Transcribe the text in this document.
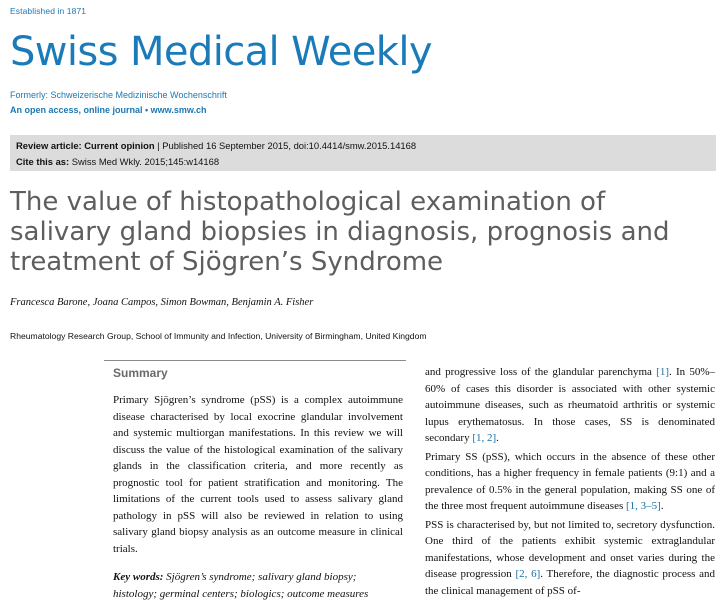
Established in 1871
Swiss Medical Weekly
Formerly: Schweizerische Medizinische Wochenschrift
An open access, online journal • www.smw.ch
Review article: Current opinion | Published 16 September 2015, doi:10.4414/smw.2015.14168
Cite this as: Swiss Med Wkly. 2015;145:w14168
The value of histopathological examination of salivary gland biopsies in diagnosis, prognosis and treatment of Sjögren’s Syndrome
Francesca Barone, Joana Campos, Simon Bowman, Benjamin A. Fisher
Rheumatology Research Group, School of Immunity and Infection, University of Birmingham, United Kingdom
Summary

Primary Sjögren’s syndrome (pSS) is a complex autoimmune disease characterised by local exocrine glandular involvement and systemic multiorgan manifestations. In this review we will discuss the value of the histological examination of the salivary glands in the classification criteria, and more recently as prognostic tool for patient stratification and monitoring. The limitations of the current tools used to assess salivary gland pathology in pSS will also be reviewed in relation to using salivary gland biopsy analysis as an outcome measure in clinical trials.

Key words: Sjögren’s syndrome; salivary gland biopsy; histology; germinal centers; biologics; outcome measures

and progressive loss of the glandular parenchyma [1]. In 50%–60% of cases this disorder is associated with other systemic autoimmune diseases, such as rheumatoid arthritis or systemic lupus erythematosus. In those cases, SS is denominated secondary [1, 2].

Primary SS (pSS), which occurs in the absence of these other conditions, has a higher frequency in female patients (9:1) and a prevalence of 0.5% in the general population, making SS one of the three most frequent autoimmune diseases [1, 3–5].

PSS is characterised by, but not limited to, secretory dysfunction. One third of the patients exhibit systemic extraglandular manifestations, whose development and onset varies during the disease progression [2, 6]. Therefore, the diagnostic process and the clinical management of pSS of-
